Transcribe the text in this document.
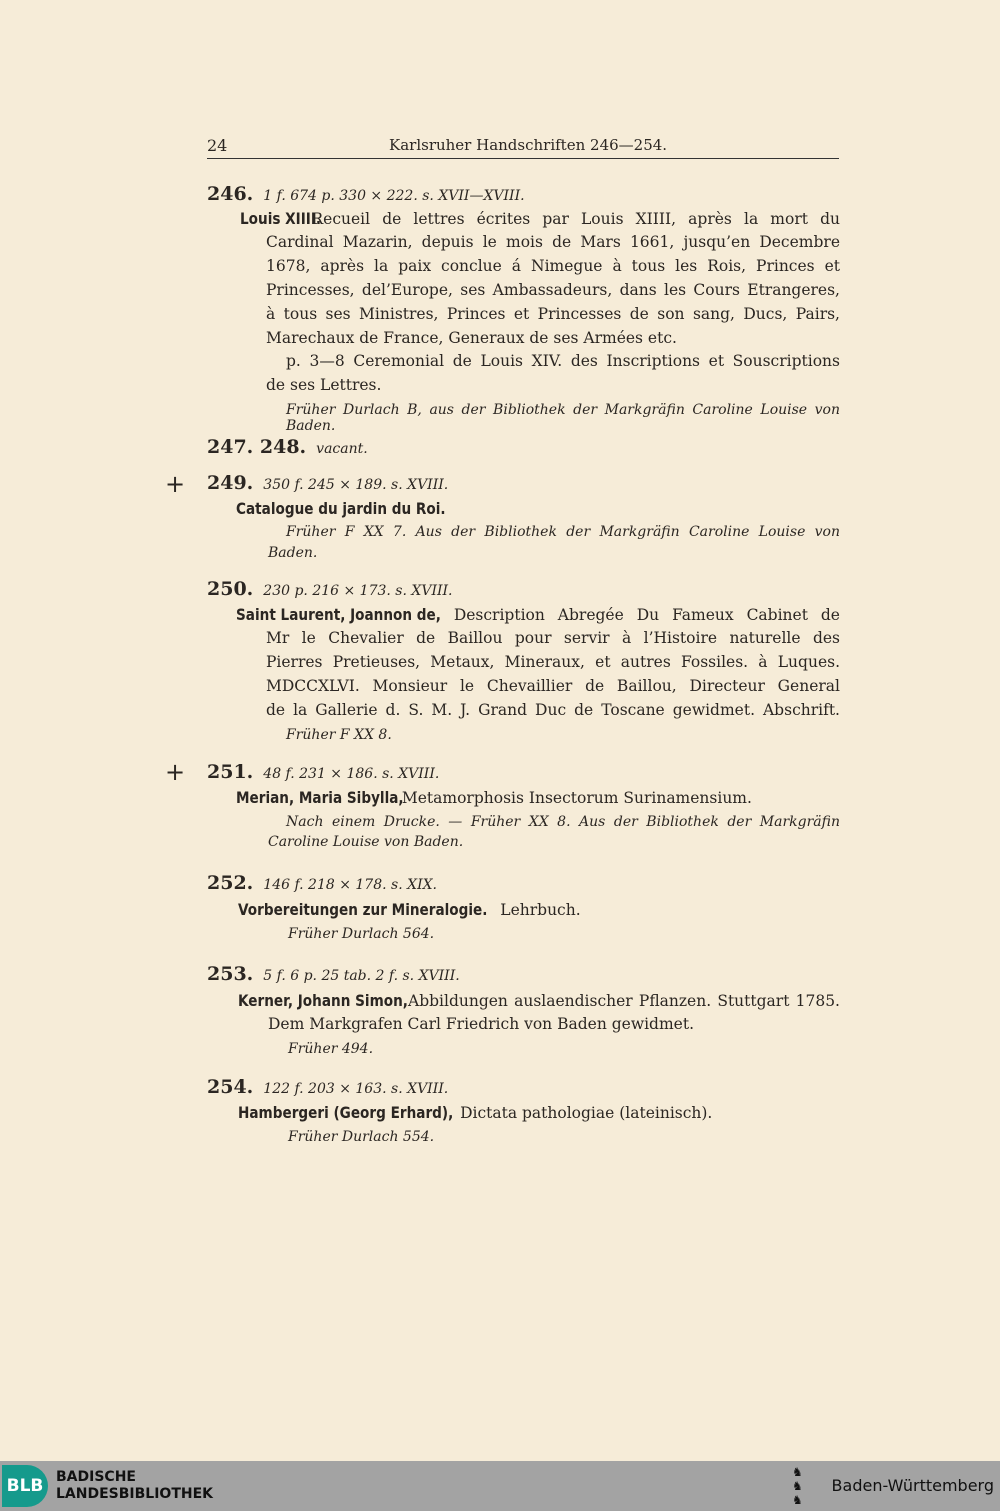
24	Karlsruher Handschriften 246—254.
246. 1 f. 674 p. 330 × 222. s. XVII—XVIII.
Louis XIIII. Recueil de lettres écrites par Louis XIIII, après la mort du
Cardinal Mazarin, depuis le mois de Mars 1661, jusqu’en Decembre
1678, après la paix conclue á Nimegue à tous les Rois, Princes et
Princesses, del’Europe, ses Ambassadeurs, dans les Cours Etrangeres,
à tous ses Ministres, Princes et Princesses de son sang, Ducs, Pairs,
Marechaux de France, Generaux de ses Armées etc.
p. 3—8 Ceremonial de Louis XIV. des Inscriptions et Souscriptions
de ses Lettres.
Früher Durlach B, aus der Bibliothek der Markgräfin Caroline Louise von Baden.
247. 248. vacant.
249. 350 f. 245 × 189. s. XVIII.
+
Catalogue du jardin du Roi.
Früher F XX 7. Aus der Bibliothek der Markgräfin Caroline Louise von
Baden.
250. 230 p. 216 × 173. s. XVIII.
Saint Laurent, Joannon de, Description Abregée Du Fameux Cabinet de
Mr le Chevalier de Baillou pour servir à l’Histoire naturelle des
Pierres Pretieuses, Metaux, Mineraux, et autres Fossiles. à Luques.
MDCCXLVI. Monsieur le Chevaillier de Baillou, Directeur General
de la Gallerie d. S. M. J. Grand Duc de Toscane gewidmet. Abschrift.
Früher F XX 8.
251. 48 f. 231 × 186. s. XVIII.
+
Merian, Maria Sibylla, Metamorphosis Insectorum Surinamensium.
Nach einem Drucke. — Früher XX 8. Aus der Bibliothek der Markgräfin
Caroline Louise von Baden.
252. 146 f. 218 × 178. s. XIX.
Vorbereitungen zur Mineralogie. Lehrbuch.
Früher Durlach 564.
253. 5 f. 6 p. 25 tab. 2 f. s. XVIII.
Kerner, Johann Simon, Abbildungen auslaendischer Pflanzen. Stuttgart 1785.
Dem Markgrafen Carl Friedrich von Baden gewidmet.
Früher 494.
254. 122 f. 203 × 163. s. XVIII.
Hambergeri (Georg Erhard), Dictata pathologiae (lateinisch).
Früher Durlach 554.
BLB BADISCHE
LANDESBIBLIOTHEK
♞
♞
♞
Baden-Württemberg
